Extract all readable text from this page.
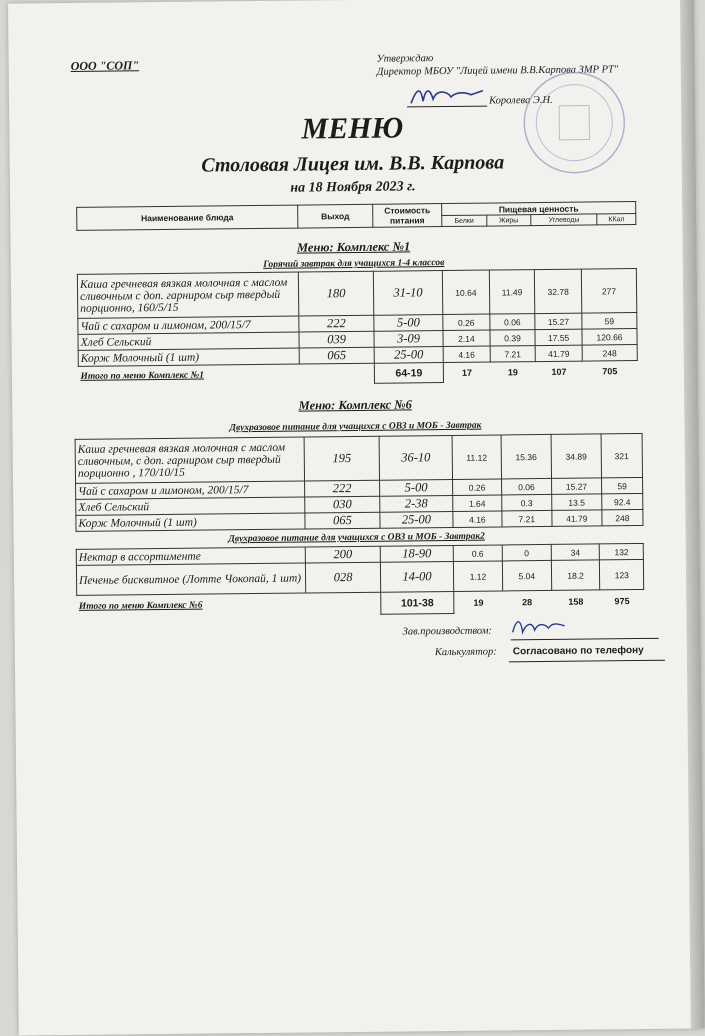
ООО "СОП"	Утверждаю
Директор МБОУ "Лицей имени В.В.Карпова ЗМР РТ"
Королева Э.Н.
МЕНЮ
Столовая Лицея им. В.В. Карпова
на 18 Ноября 2023 г.
Наименование блюда	Выход	Стоимость питания	Пищевая ценность			
			Белки	Жиры	Углеводы	ККал
Меню: Комплекс №1
Горячий завтрак для учащихся 1-4 классов
Каша гречневая вязкая молочная с маслом сливочным с доп. гарниром сыр твердый порционно, 160/5/15	180	31-10	10.64	11.49	32.78	277
Чай с сахаром и лимоном, 200/15/7	222	5-00	0.26	0.06	15.27	59
Хлеб Сельский	039	3-09	2.14	0.39	17.55	120.66
Корж Молочный (1 шт)	065	25-00	4.16	7.21	41.79	248
Итого по меню Комплекс №1		64-19	17	19	107	705
Меню: Комплекс №6
Двухразовое питание для учащихся с ОВЗ и МОБ - Завтрак
Каша гречневая вязкая молочная с маслом сливочным, с доп. гарниром сыр твердый порционно , 170/10/15	195	36-10	11.12	15.36	34.89	321
Чай с сахаром и лимоном, 200/15/7	222	5-00	0.26	0.06	15.27	59
Хлеб Сельский	030	2-38	1.64	0.3	13.5	92.4
Корж Молочный (1 шт)	065	25-00	4.16	7.21	41.79	248
Двухразовое питание для учащихся с ОВЗ и МОБ - Завтрак2
Нектар в ассортименте	200	18-90	0.6	0	34	132
Печенье бисквитное (Лотте Чокопай, 1 шт)	028	14-00	1.12	5.04	18.2	123
Итого по меню Комплекс №6		101-38	19	28	158	975
Зав.производством:
Калькулятор: Согласовано по телефону
